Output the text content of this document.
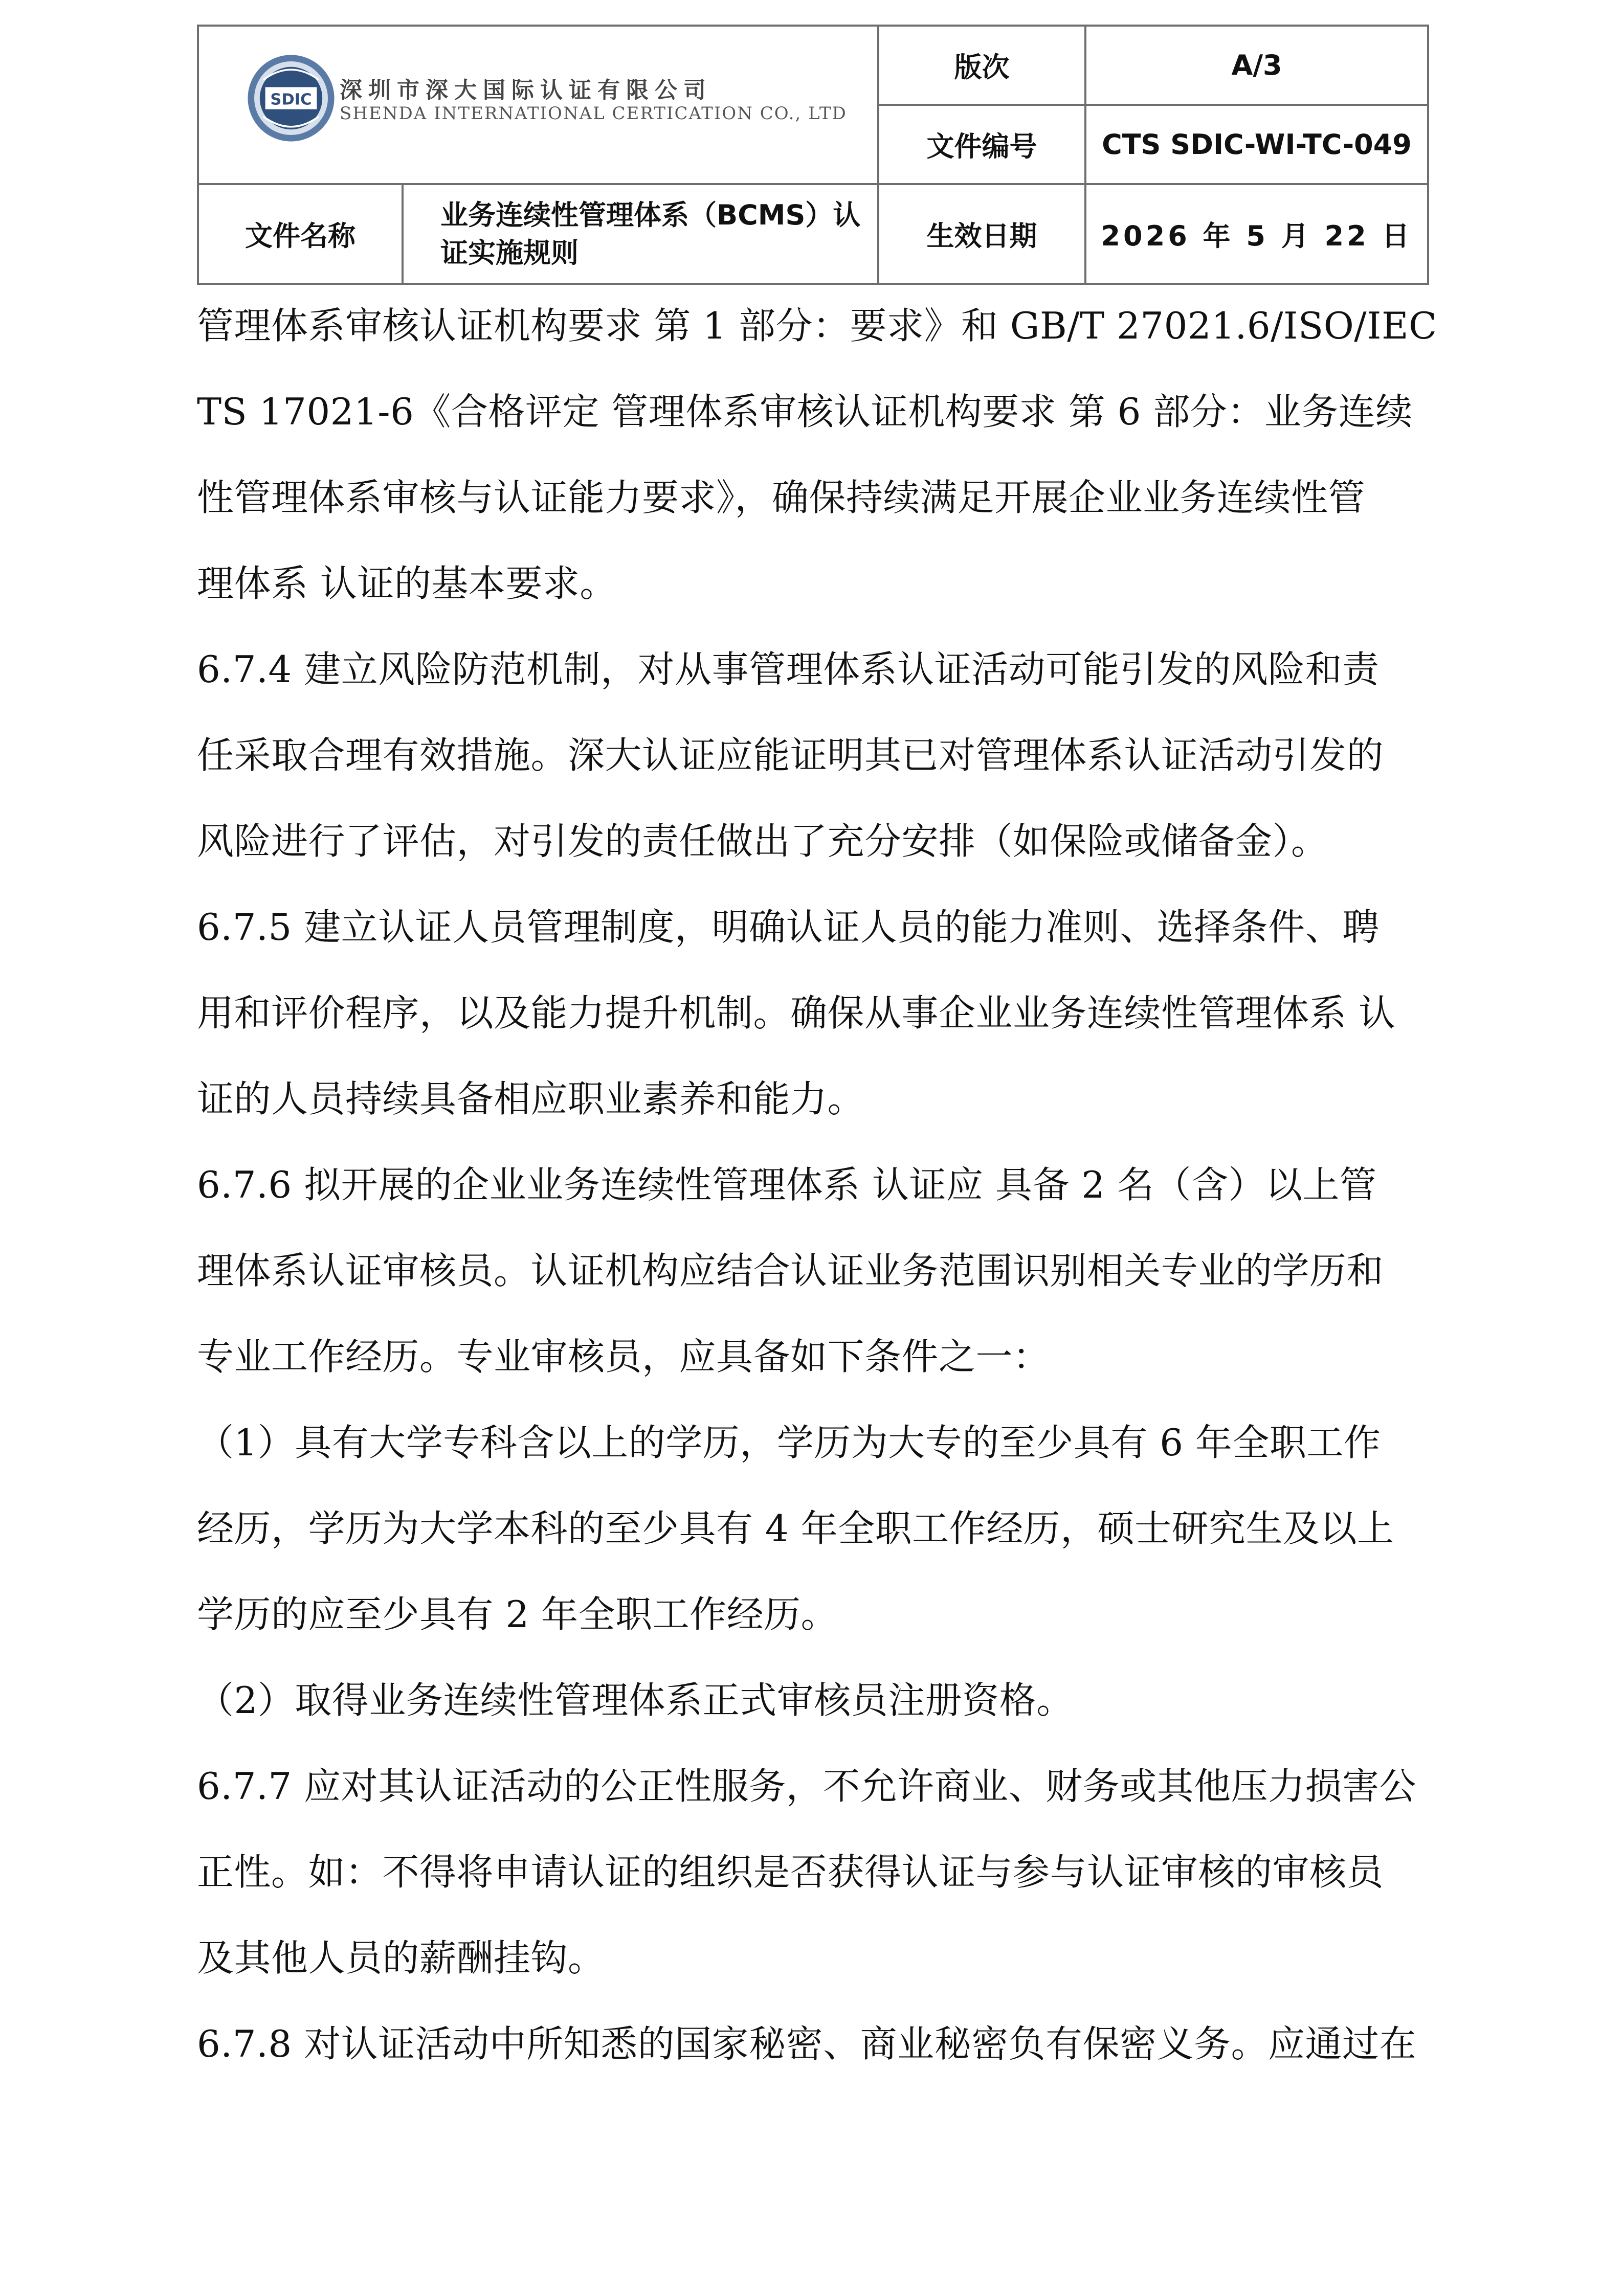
SDIC 深圳市深大国际认证有限公司
SHENDA INTERNATIONAL CERTICATION CO., LTD		版次	A/3
		文件编号	CTS SDIC-WI-TC-049
文件名称	业务连续性管理体系（BCMS）认证实施规则	生效日期	2026 年 5 月 22 日

管理体系审核认证机构要求 第 1 部分：要求》和 GB/T 27021.6/ISO/IEC

TS 17021-6《合格评定 管理体系审核认证机构要求 第 6 部分：业务连续

性管理体系审核与认证能力要求》，确保持续满足开展企业业务连续性管

理体系 认证的基本要求。

6.7.4 建立风险防范机制，对从事管理体系认证活动可能引发的风险和责

任采取合理有效措施。深大认证应能证明其已对管理体系认证活动引发的

风险进行了评估，对引发的责任做出了充分安排（如保险或储备金）。

6.7.5 建立认证人员管理制度，明确认证人员的能力准则、选择条件、聘

用和评价程序，以及能力提升机制。确保从事企业业务连续性管理体系 认

证的人员持续具备相应职业素养和能力。

6.7.6 拟开展的企业业务连续性管理体系 认证应 具备 2 名（含）以上管

理体系认证审核员。认证机构应结合认证业务范围识别相关专业的学历和

专业工作经历。专业审核员，应具备如下条件之一：

（1）具有大学专科含以上的学历，学历为大专的至少具有 6 年全职工作

经历，学历为大学本科的至少具有 4 年全职工作经历，硕士研究生及以上

学历的应至少具有 2 年全职工作经历。

（2）取得业务连续性管理体系正式审核员注册资格。

6.7.7 应对其认证活动的公正性服务，不允许商业、财务或其他压力损害公

正性。如：不得将申请认证的组织是否获得认证与参与认证审核的审核员

及其他人员的薪酬挂钩。

6.7.8 对认证活动中所知悉的国家秘密、商业秘密负有保密义务。应通过在
